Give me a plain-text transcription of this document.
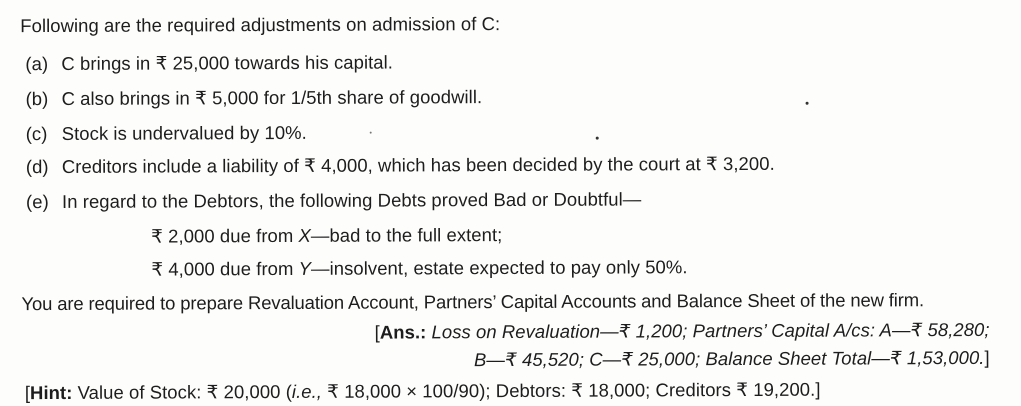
Following are the required adjustments on admission of C:
(a) C brings in ₹ 25,000 towards his capital.
(b) C also brings in ₹ 5,000 for 1/5th share of goodwill.
(c) Stock is undervalued by 10%.
(d) Creditors include a liability of ₹ 4,000, which has been decided by the court at ₹ 3,200.
(e) In regard to the Debtors, the following Debts proved Bad or Doubtful—
₹ 2,000 due from X—bad to the full extent;
₹ 4,000 due from Y—insolvent, estate expected to pay only 50%.
You are required to prepare Revaluation Account, Partners’ Capital Accounts and Balance Sheet of the new firm.
[Ans.: Loss on Revaluation—₹ 1,200; Partners’ Capital A/cs: A—₹ 58,280;
B—₹ 45,520; C—₹ 25,000; Balance Sheet Total—₹ 1,53,000.]
[Hint: Value of Stock: ₹ 20,000 (i.e., ₹ 18,000 × 100/90); Debtors: ₹ 18,000; Creditors ₹ 19,200.]
